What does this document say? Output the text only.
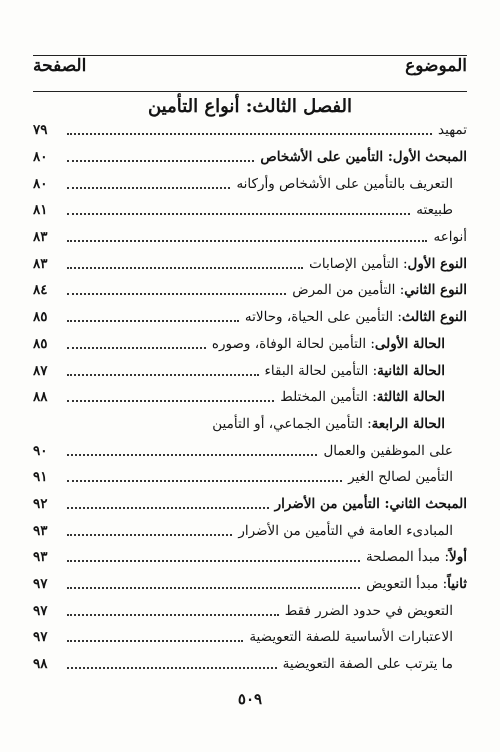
الموضوع
الصفحة
الفصل الثالث: أنواع التأمين
تمهيد
٧٩
المبحث الأول: التأمين على الأشخاص
٨٠
التعريف بالتأمين على الأشخاص وأركانه
٨٠
طبيعته
٨١
أنواعه
٨٣
النوع الأول: التأمين الإصابات
٨٣
النوع الثاني: التأمين من المرض
٨٤
النوع الثالث: التأمين على الحياة، وحالاته
٨٥
الحالة الأولى: التأمين لحالة الوفاة، وصوره
٨٥
الحالة الثانية: التأمين لحالة البقاء
٨٧
الحالة الثالثة: التأمين المختلط
٨٨
الحالة الرابعة: التأمين الجماعي، أو التأمين
على الموظفين والعمال
٩٠
التأمين لصالح الغير
٩١
المبحث الثاني: التأمين من الأضرار
٩٢
المبادىء العامة في التأمين من الأضرار
٩٣
أولاً: مبدأ المصلحة
٩٣
ثانياً: مبدأ التعويض
٩٧
التعويض في حدود الضرر فقط
٩٧
الاعتبارات الأساسية للصفة التعويضية
٩٧
ما يترتب على الصفة التعويضية
٩٨
٥٠٩
